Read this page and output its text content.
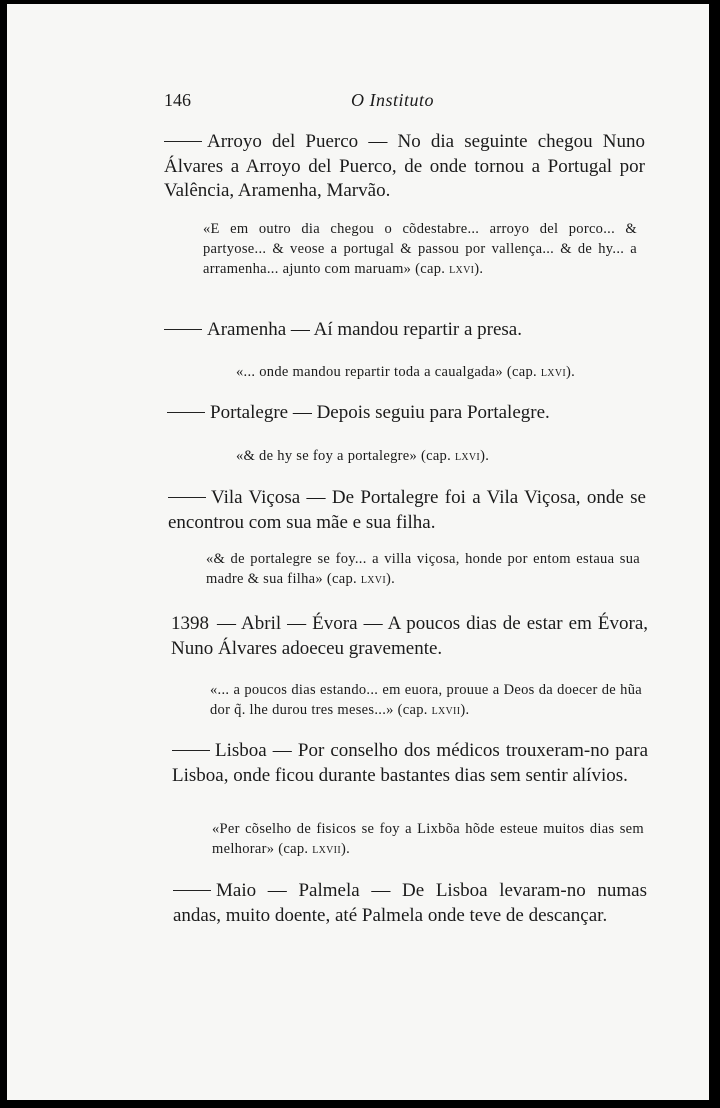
146	O Instituto
Arroyo del Puerco — No dia seguinte chegou Nuno Álvares a Arroyo del Puerco, de onde tornou a Portugal por Valência, Aramenha, Marvão.
«E em outro dia chegou o cõdestabre... arroyo del porco... & partyose... & veose a portugal & passou por vallença... & de hy... a arramenha... ajunto com maruam» (cap. lxvi).
Aramenha — Aí mandou repartir a presa.
«... onde mandou repartir toda a caualgada» (cap. lxvi).
Portalegre — Depois seguiu para Portalegre.
«& de hy se foy a portalegre» (cap. lxvi).
Vila Viçosa — De Portalegre foi a Vila Viçosa, onde se encontrou com sua mãe e sua filha.
«& de portalegre se foy... a villa viçosa, honde por entom estaua sua madre & sua filha» (cap. lxvi).
1398 — Abril — Évora — A poucos dias de estar em Évora, Nuno Álvares adoeceu gravemente.
«... a poucos dias estando... em euora, prouue a Deos da doecer de hũa dor q̃. lhe durou tres meses...» (cap. lxvii).
Lisboa — Por conselho dos médicos trouxeram-no para Lisboa, onde ficou durante bastantes dias sem sentir alívios.
«Per cõselho de fisicos se foy a Lixbõa hõde esteue muitos dias sem melhorar» (cap. lxvii).
Maio — Palmela — De Lisboa levaram-no numas andas, muito doente, até Palmela onde teve de descançar.
